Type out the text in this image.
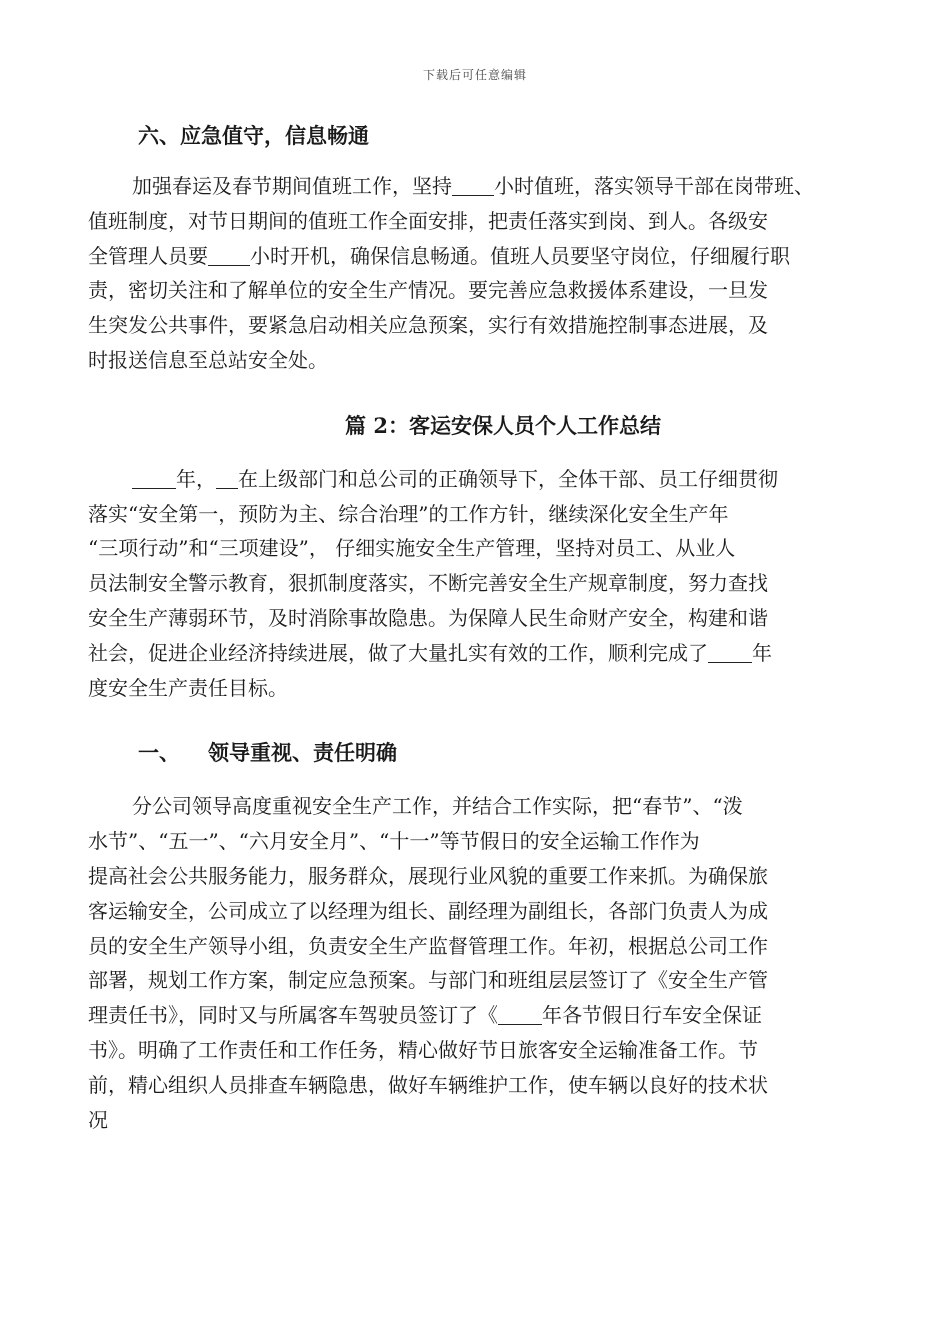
下载后可任意编辑
六、应急值守，信息畅通
加强春运及春节期间值班工作，坚持 小时值班，落实领导干部在岗带班、
值班制度，对节日期间的值班工作全面安排，把责任落实到岗、到人。各级安
全管理人员要 小时开机，确保信息畅通。值班人员要坚守岗位，仔细履行职
责，密切关注和了解单位的安全生产情况。要完善应急救援体系建设，一旦发
生突发公共事件，要紧急启动相关应急预案，实行有效措施控制事态进展，及
时报送信息至总站安全处。
篇 2：客运安保人员个人工作总结
年， 在上级部门和总公司的正确领导下，全体干部、员工仔细贯彻
落实“安全第一，预防为主、综合治理”的工作方针，继续深化安全生产年
“三项行动”和“三项建设”， 仔细实施安全生产管理，坚持对员工、从业人
员法制安全警示教育，狠抓制度落实，不断完善安全生产规章制度，努力查找
安全生产薄弱环节，及时消除事故隐患。为保障人民生命财产安全，构建和谐
社会，促进企业经济持续进展，做了大量扎实有效的工作，顺利完成了 年
度安全生产责任目标。
一、 领导重视、责任明确
分公司领导高度重视安全生产工作，并结合工作实际，把“春节”、“泼
水节”、“五一”、“六月安全月”、“十一”等节假日的安全运输工作作为
提高社会公共服务能力，服务群众，展现行业风貌的重要工作来抓。为确保旅
客运输安全，公司成立了以经理为组长、副经理为副组长，各部门负责人为成
员的安全生产领导小组，负责安全生产监督管理工作。年初，根据总公司工作
部署，规划工作方案，制定应急预案。与部门和班组层层签订了《安全生产管
理责任书》，同时又与所属客车驾驶员签订了《 年各节假日行车安全保证
书》。明确了工作责任和工作任务，精心做好节日旅客安全运输准备工作。节
前，精心组织人员排查车辆隐患，做好车辆维护工作，使车辆以良好的技术状
况
